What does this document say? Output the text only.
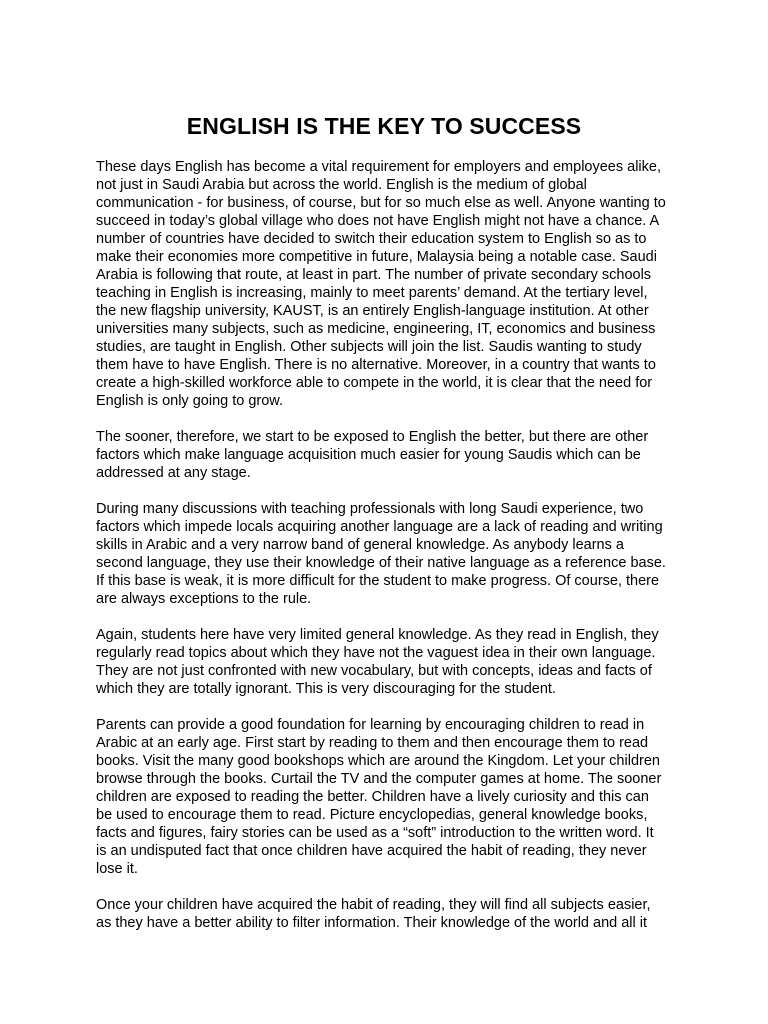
ENGLISH IS THE KEY TO SUCCESS

These days English has become a vital requirement for employers and employees alike,
not just in Saudi Arabia but across the world. English is the medium of global
communication - for business, of course, but for so much else as well. Anyone wanting to
succeed in today’s global village who does not have English might not have a chance. A
number of countries have decided to switch their education system to English so as to
make their economies more competitive in future, Malaysia being a notable case. Saudi
Arabia is following that route, at least in part. The number of private secondary schools
teaching in English is increasing, mainly to meet parents’ demand. At the tertiary level,
the new flagship university, KAUST, is an entirely English-language institution. At other
universities many subjects, such as medicine, engineering, IT, economics and business
studies, are taught in English. Other subjects will join the list. Saudis wanting to study
them have to have English. There is no alternative. Moreover, in a country that wants to
create a high-skilled workforce able to compete in the world, it is clear that the need for
English is only going to grow.

The sooner, therefore, we start to be exposed to English the better, but there are other
factors which make language acquisition much easier for young Saudis which can be
addressed at any stage.

During many discussions with teaching professionals with long Saudi experience, two
factors which impede locals acquiring another language are a lack of reading and writing
skills in Arabic and a very narrow band of general knowledge. As anybody learns a
second language, they use their knowledge of their native language as a reference base.
If this base is weak, it is more difficult for the student to make progress. Of course, there
are always exceptions to the rule.

Again, students here have very limited general knowledge. As they read in English, they
regularly read topics about which they have not the vaguest idea in their own language.
They are not just confronted with new vocabulary, but with concepts, ideas and facts of
which they are totally ignorant. This is very discouraging for the student.

Parents can provide a good foundation for learning by encouraging children to read in
Arabic at an early age. First start by reading to them and then encourage them to read
books. Visit the many good bookshops which are around the Kingdom. Let your children
browse through the books. Curtail the TV and the computer games at home. The sooner
children are exposed to reading the better. Children have a lively curiosity and this can
be used to encourage them to read. Picture encyclopedias, general knowledge books,
facts and figures, fairy stories can be used as a “soft” introduction to the written word. It
is an undisputed fact that once children have acquired the habit of reading, they never
lose it.

Once your children have acquired the habit of reading, they will find all subjects easier,
as they have a better ability to filter information. Their knowledge of the world and all it
